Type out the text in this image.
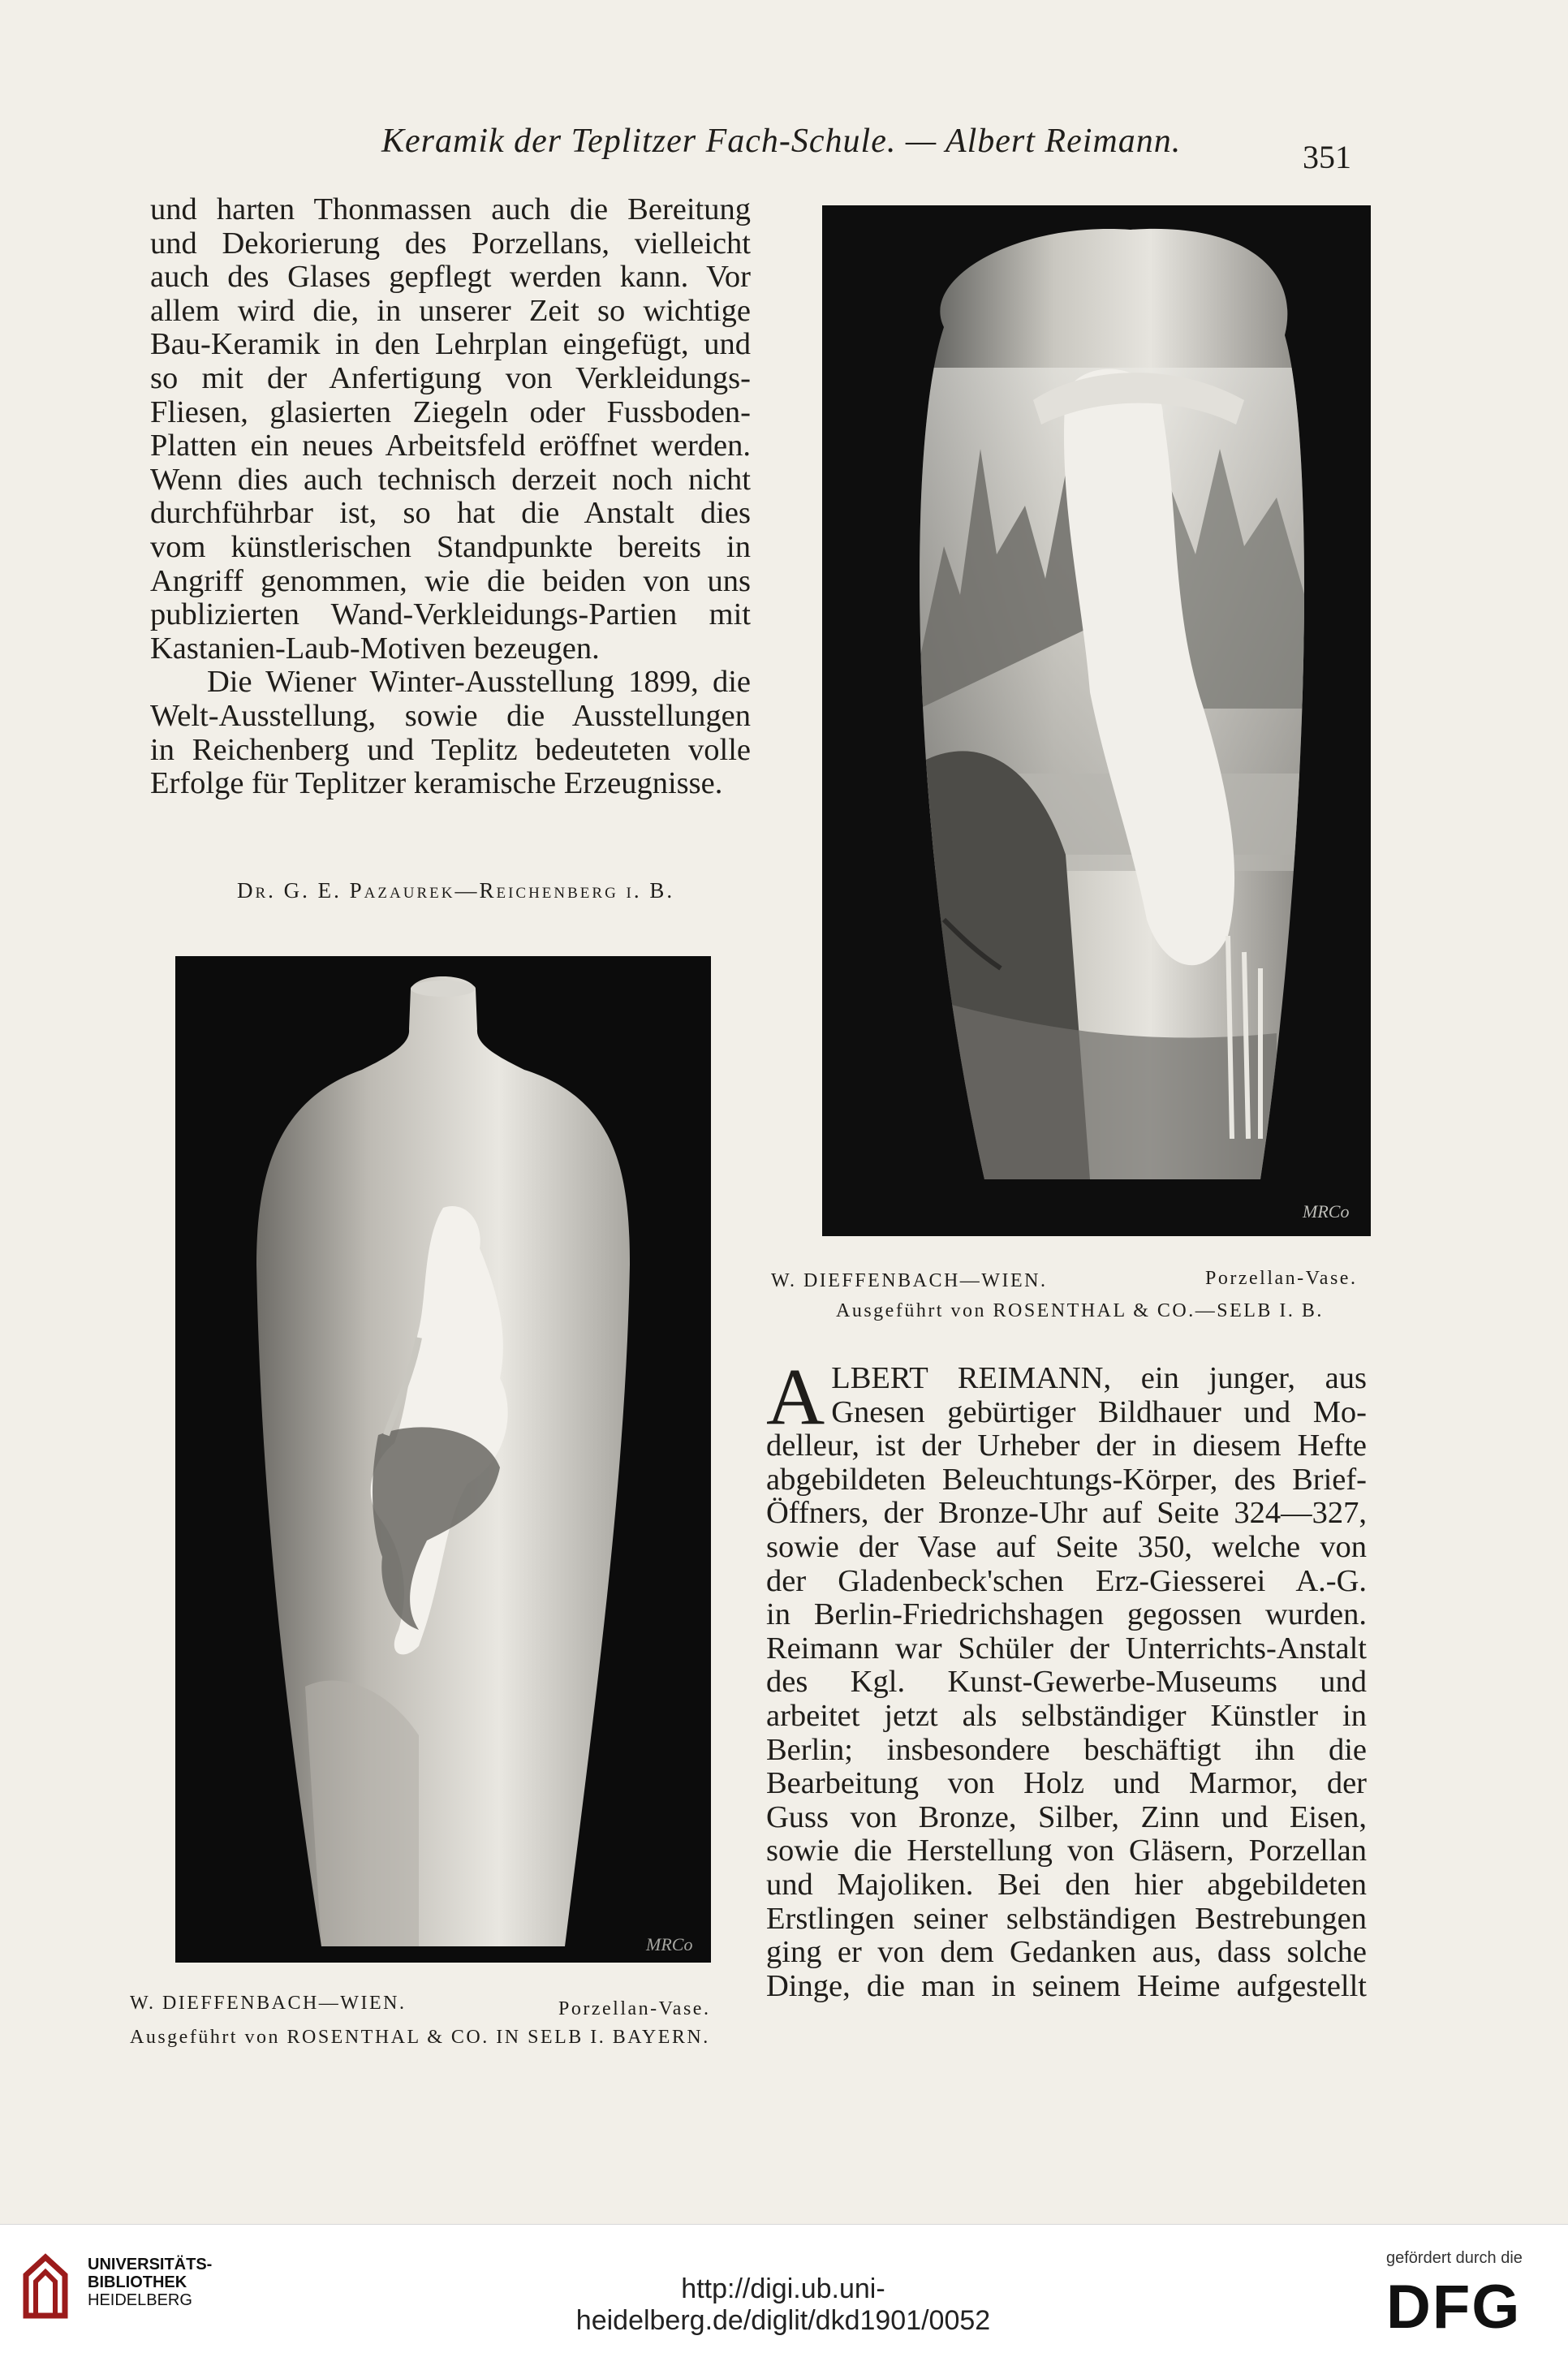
Keramik der Teplitzer Fach-Schule. — Albert Reimann.	351
und harten Thonmassen auch die Bereitung
und Dekorierung des Porzellans, vielleicht
auch des Glases gepflegt werden kann. Vor
allem wird die, in unserer Zeit so wichtige
Bau-Keramik in den Lehrplan eingefügt, und
so mit der Anfertigung von Verkleidungs-
Fliesen, glasierten Ziegeln oder Fussboden-
Platten ein neues Arbeitsfeld eröffnet werden.
Wenn dies auch technisch derzeit noch nicht
durchführbar ist, so hat die Anstalt dies
vom künstlerischen Standpunkte bereits in
Angriff genommen, wie die beiden von uns
publizierten Wand-Verkleidungs-Partien mit
Kastanien-Laub-Motiven bezeugen.
Die Wiener Winter-Ausstellung 1899, die
Welt-Ausstellung, sowie die Ausstellungen
in Reichenberg und Teplitz bedeuteten volle
Erfolge für Teplitzer keramische Erzeugnisse.
Dr. G. E. Pazaurek—Reichenberg i. B.
MRCo
W. DIEFFENBACH—WIEN.	Porzellan-Vase.
Ausgeführt von ROSENTHAL & CO.—SELB I. B.
MRCo
W. DIEFFENBACH—WIEN.	Porzellan-Vase.
Ausgeführt von ROSENTHAL & CO. IN SELB I. BAYERN.
A LBERT REIMANN, ein junger, aus
Gnesen gebürtiger Bildhauer und Mo-
delleur, ist der Urheber der in diesem Hefte
abgebildeten Beleuchtungs-Körper, des Brief-
Öffners, der Bronze-Uhr auf Seite 324—327,
sowie der Vase auf Seite 350, welche von
der Gladenbeck'schen Erz-Giesserei A.-G.
in Berlin-Friedrichshagen gegossen wurden.
Reimann war Schüler der Unterrichts-Anstalt
des Kgl. Kunst-Gewerbe-Museums und
arbeitet jetzt als selbständiger Künstler in
Berlin; insbesondere beschäftigt ihn die
Bearbeitung von Holz und Marmor, der
Guss von Bronze, Silber, Zinn und Eisen,
sowie die Herstellung von Gläsern, Porzellan
und Majoliken. Bei den hier abgebildeten
Erstlingen seiner selbständigen Bestrebungen
ging er von dem Gedanken aus, dass solche
Dinge, die man in seinem Heime aufgestellt
UNIVERSITÄTS-
BIBLIOTHEK
HEIDELBERG	http://digi.ub.uni-heidelberg.de/diglit/dkd1901/0052
gefördert durch die
DFG
